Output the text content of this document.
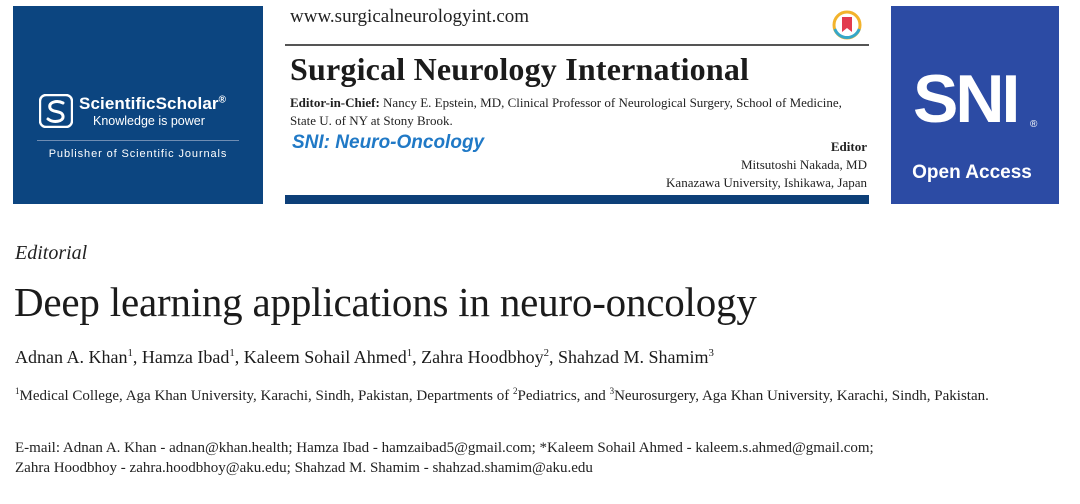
ScientificScholar®
Knowledge is power
Publisher of Scientific Journals
www.surgicalneurologyint.com
Surgical Neurology International
Editor-in-Chief: Nancy E. Epstein, MD, Clinical Professor of Neurological Surgery, School of Medicine, State U. of NY at Stony Brook.
SNI: Neuro-Oncology	Editor
Mitsutoshi Nakada, MD
Kanazawa University, Ishikawa, Japan
SNI ®
Open Access
Editorial
Deep learning applications in neuro-oncology
Adnan A. Khan$^1$, Hamza Ibad$^1$, Kaleem Sohail Ahmed$^1$, Zahra Hoodbhoy$^2$, Shahzad M. Shamim$^3$
$^1$Medical College, Aga Khan University, Karachi, Sindh, Pakistan, Departments of $^2$Pediatrics, and $^3$Neurosurgery, Aga Khan University, Karachi, Sindh, Pakistan.
E-mail: Adnan A. Khan - adnan@khan.health; Hamza Ibad - hamzaibad5@gmail.com; *Kaleem Sohail Ahmed - kaleem.s.ahmed@gmail.com;
Zahra Hoodbhoy - zahra.hoodbhoy@aku.edu; Shahzad M. Shamim - shahzad.shamim@aku.edu
